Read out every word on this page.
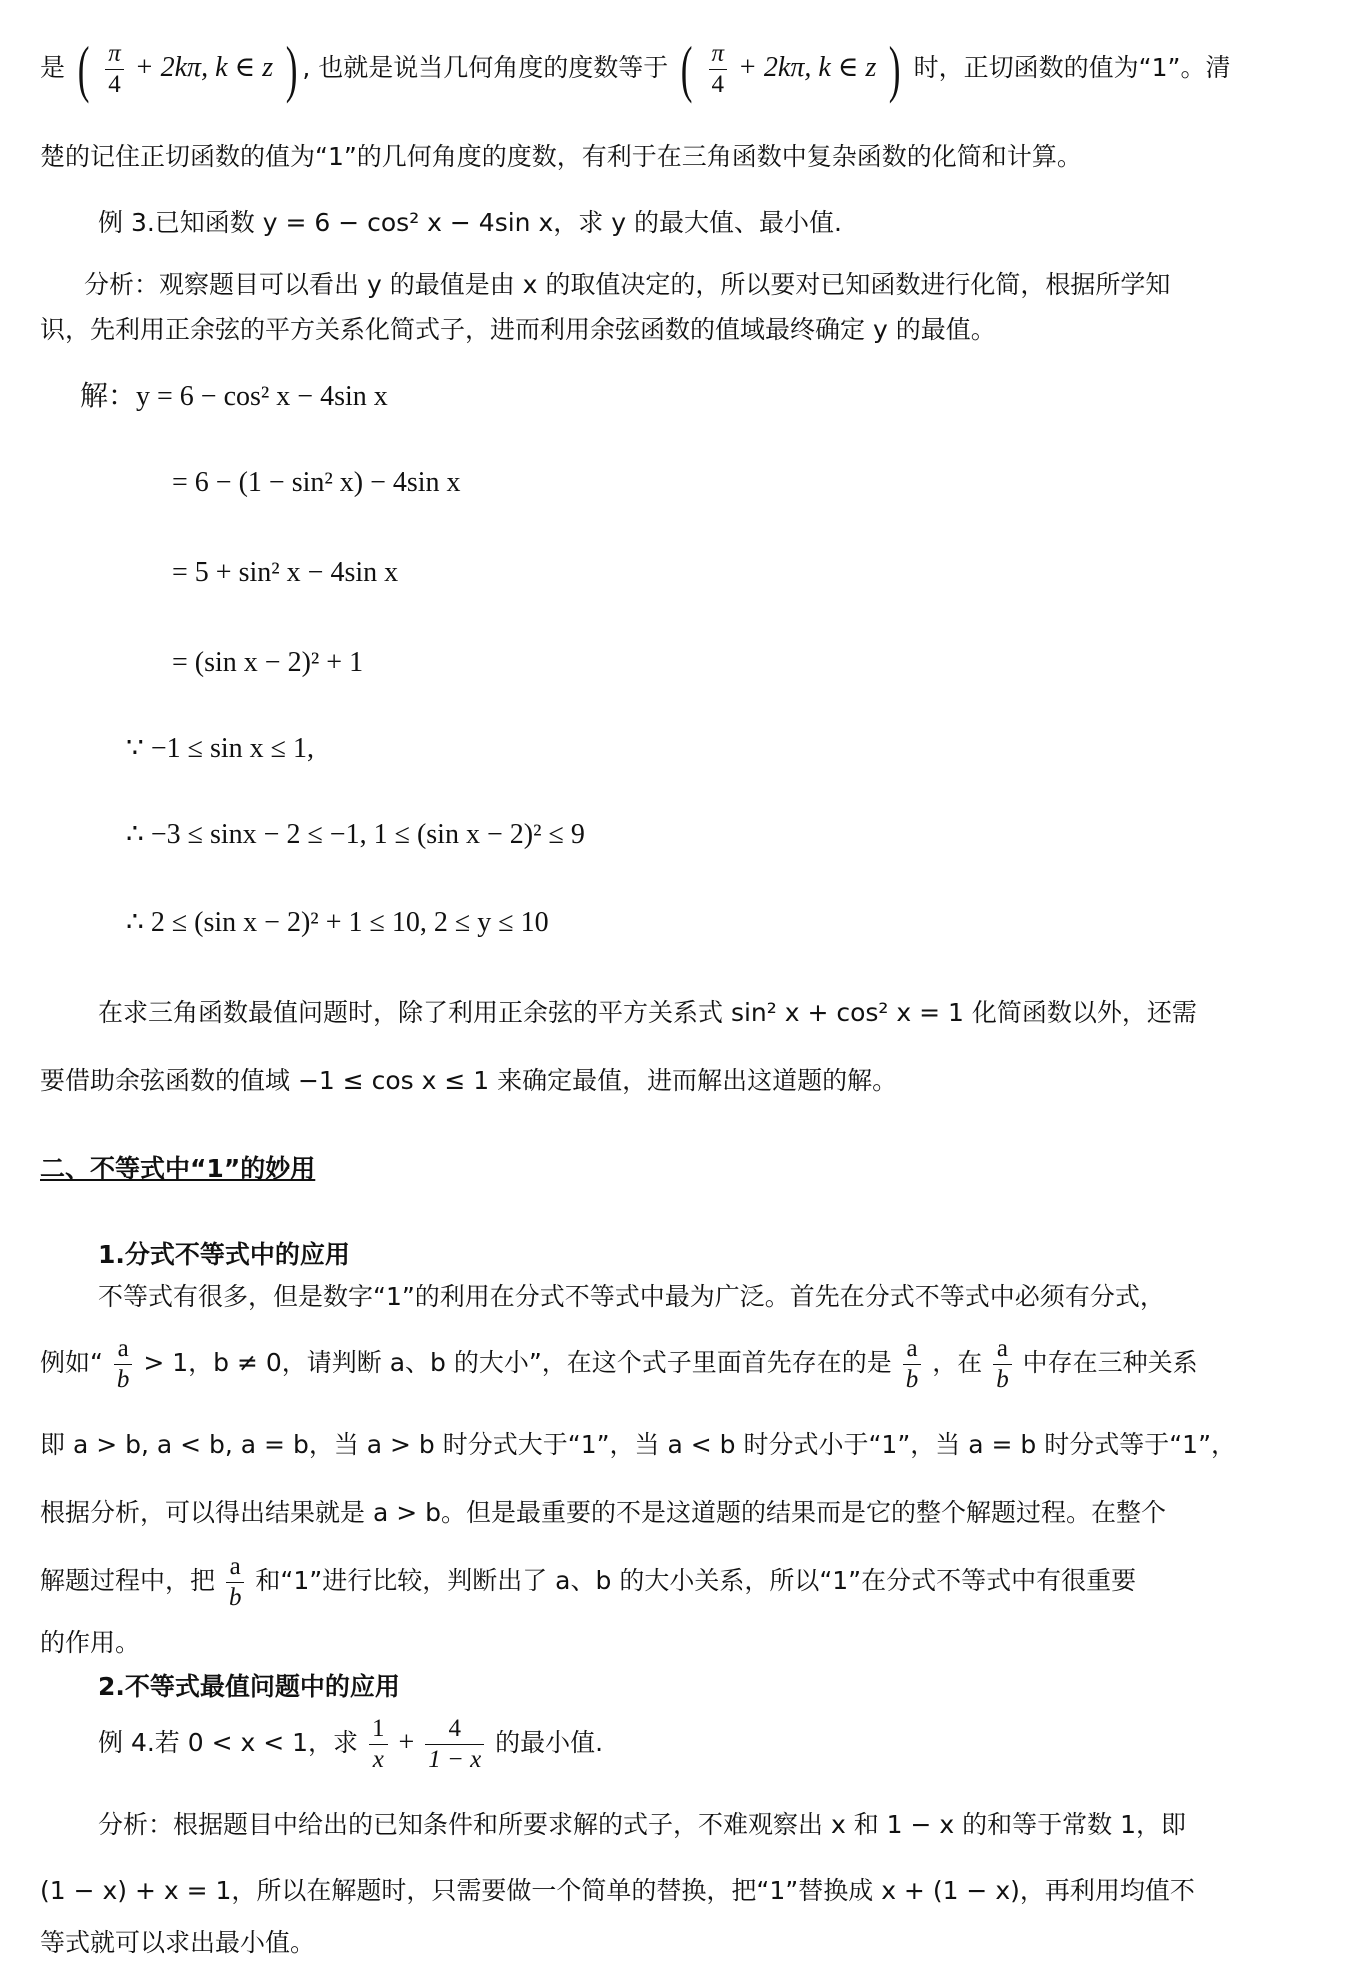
是 ( $\frac{\pi}{4} + 2k\pi$, k ∈ z ) , 也就是说当几何角度的度数等于 ( $\frac{\pi}{4} + 2k\pi$, k ∈ z ) 时，正切函数的值为“1”。清
楚的记住正切函数的值为“1”的几何角度的度数，有利于在三角函数中复杂函数的化简和计算。
例 3.已知函数 y = 6 − cos² x − 4sin x，求 y 的最大值、最小值.
分析：观察题目可以看出 y 的最值是由 x 的取值决定的，所以要对已知函数进行化简，根据所学知
识，先利用正余弦的平方关系化简式子，进而利用余弦函数的值域最终确定 y 的最值。
解：y = 6 − cos² x − 4sin x
= 6 − (1 − sin² x) − 4sin x
= 5 + sin² x − 4sin x
= (sin x − 2)² + 1
∵ −1 ≤ sin x ≤ 1,
∴ −3 ≤ sinx − 2 ≤ −1, 1 ≤ (sin x − 2)² ≤ 9
∴ 2 ≤ (sin x − 2)² + 1 ≤ 10, 2 ≤ y ≤ 10
在求三角函数最值问题时，除了利用正余弦的平方关系式 sin² x + cos² x = 1 化简函数以外，还需
要借助余弦函数的值域 −1 ≤ cos x ≤ 1 来确定最值，进而解出这道题的解。
二、不等式中“1”的妙用
1.分式不等式中的应用
不等式有很多，但是数字“1”的利用在分式不等式中最为广泛。首先在分式不等式中必须有分式，
例如“ $\frac{a}{b} > 1$，b ≠ 0，请判断 a、b 的大小”，在这个式子里面首先存在的是 $\frac{a}{b}$ ，在 $\frac{a}{b}$ 中存在三种关系
即 a > b, a < b, a = b，当 a > b 时分式大于“1”，当 a < b 时分式小于“1”，当 a = b 时分式等于“1”，
根据分析，可以得出结果就是 a > b。但是最重要的不是这道题的结果而是它的整个解题过程。在整个
解题过程中，把 $\frac{a}{b}$ 和“1”进行比较，判断出了 a、b 的大小关系，所以“1”在分式不等式中有很重要
的作用。
2.不等式最值问题中的应用
例 4.若 0 < x < 1，求 $\frac{1}{x} + \frac{4}{1 - x}$ 的最小值.
分析：根据题目中给出的已知条件和所要求解的式子，不难观察出 x 和 1 − x 的和等于常数 1，即
(1 − x) + x = 1，所以在解题时，只需要做一个简单的替换，把“1”替换成 x + (1 − x)，再利用均值不
等式就可以求出最小值。
